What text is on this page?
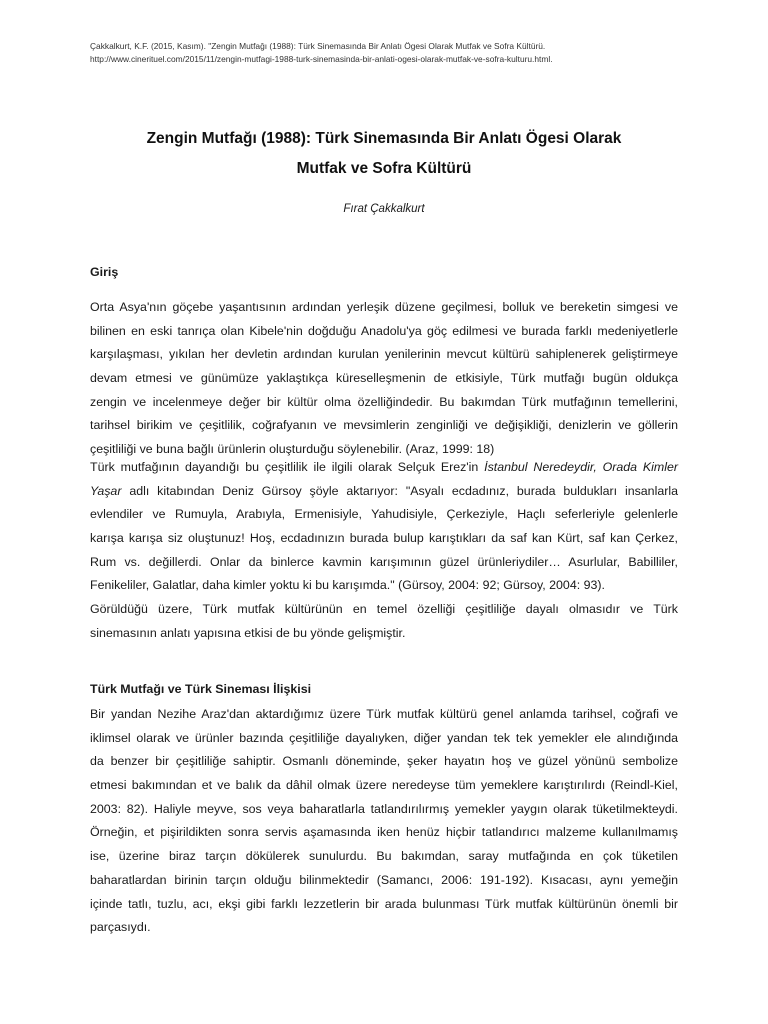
Çakkalkurt, K.F. (2015, Kasım). "Zengin Mutfağı (1988): Türk Sinemasında Bir Anlatı Ögesi Olarak Mutfak ve Sofra Kültürü.
http://www.cinerituel.com/2015/11/zengin-mutfagi-1988-turk-sinemasinda-bir-anlati-ogesi-olarak-mutfak-ve-sofra-kulturu.html.
Zengin Mutfağı (1988): Türk Sinemasında Bir Anlatı Ögesi Olarak
Mutfak ve Sofra Kültürü
Fırat Çakkalkurt
Giriş
Orta Asya'nın göçebe yaşantısının ardından yerleşik düzene geçilmesi, bolluk ve bereketin simgesi ve
bilinen en eski tanrıça olan Kibele'nin doğduğu Anadolu'ya göç edilmesi ve burada farklı medeniyetlerle
karşılaşması, yıkılan her devletin ardından kurulan yenilerinin mevcut kültürü sahiplenerek geliştirmeye
devam etmesi ve günümüze yaklaştıkça küreselleşmenin de etkisiyle, Türk mutfağı bugün oldukça
zengin ve incelenmeye değer bir kültür olma özelliğindedir. Bu bakımdan Türk mutfağının temellerini,
tarihsel birikim ve çeşitlilik, coğrafyanın ve mevsimlerin zenginliği ve değişikliği, denizlerin ve göllerin
çeşitliliği ve buna bağlı ürünlerin oluşturduğu söylenebilir. (Araz, 1999: 18)
Türk mutfağının dayandığı bu çeşitlilik ile ilgili olarak Selçuk Erez'in İstanbul Neredeydir, Orada Kimler
Yaşar adlı kitabından Deniz Gürsoy şöyle aktarıyor: "Asyalı ecdadınız, burada buldukları insanlarla
evlendiler ve Rumuyla, Arabıyla, Ermenisiyle, Yahudisiyle, Çerkeziyle, Haçlı seferleriyle gelenlerle
karışa karışa siz oluştunuz! Hoş, ecdadınızın burada bulup karıştıkları da saf kan Kürt, saf kan Çerkez,
Rum vs. değillerdi. Onlar da binlerce kavmin karışımının güzel ürünleriydiler… Asurlular, Babilliler,
Fenikeliler, Galatlar, daha kimler yoktu ki bu karışımda." (Gürsoy, 2004: 92; Gürsoy, 2004: 93).
Görüldüğü üzere, Türk mutfak kültürünün en temel özelliği çeşitliliğe dayalı olmasıdır ve Türk
sinemasının anlatı yapısına etkisi de bu yönde gelişmiştir.
Türk Mutfağı ve Türk Sineması İlişkisi
Bir yandan Nezihe Araz'dan aktardığımız üzere Türk mutfak kültürü genel anlamda tarihsel, coğrafi ve
iklimsel olarak ve ürünler bazında çeşitliliğe dayalıyken, diğer yandan tek tek yemekler ele alındığında
da benzer bir çeşitliliğe sahiptir. Osmanlı döneminde, şeker hayatın hoş ve güzel yönünü sembolize
etmesi bakımından et ve balık da dâhil olmak üzere neredeyse tüm yemeklere karıştırılırdı (Reindl-Kiel,
2003: 82). Haliyle meyve, sos veya baharatlarla tatlandırılırmış yemekler yaygın olarak tüketilmekteydi.
Örneğin, et pişirildikten sonra servis aşamasında iken henüz hiçbir tatlandırıcı malzeme kullanılmamış
ise, üzerine biraz tarçın dökülerek sunulurdu. Bu bakımdan, saray mutfağında en çok tüketilen
baharatlardan birinin tarçın olduğu bilinmektedir (Samancı, 2006: 191-192). Kısacası, aynı yemeğin
içinde tatlı, tuzlu, acı, ekşi gibi farklı lezzetlerin bir arada bulunması Türk mutfak kültürünün önemli bir
parçasıydı.
